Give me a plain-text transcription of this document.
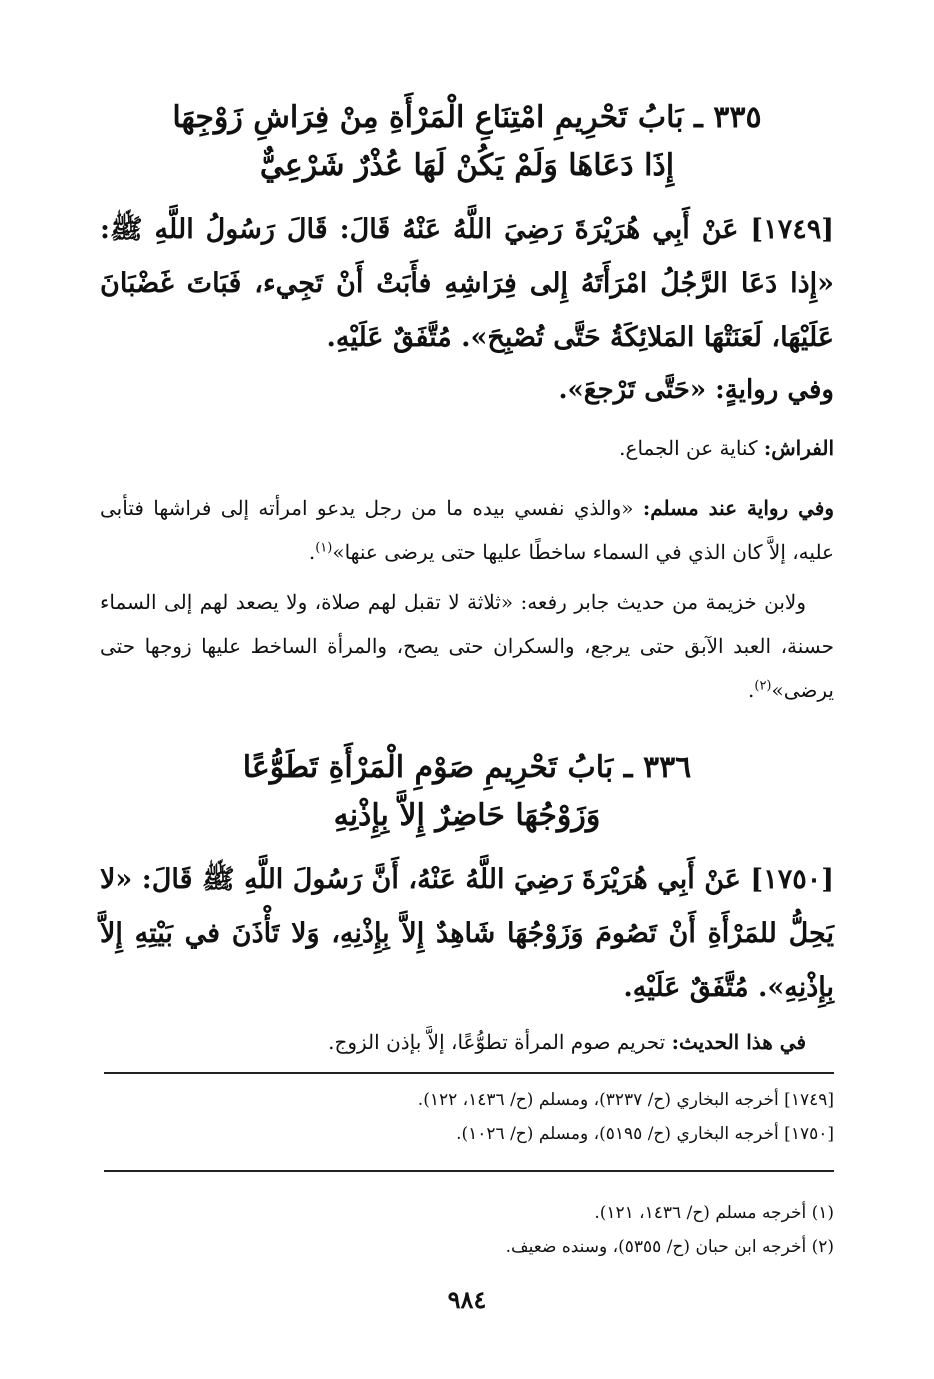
٣٣٥ ـ بَابُ تَحْرِيمِ امْتِنَاعِ الْمَرْأَةِ مِنْ فِرَاشِ زَوْجِهَا
إِذَا دَعَاهَا وَلَمْ يَكُنْ لَهَا عُذْرٌ شَرْعِيٌّ
[١٧٤٩] عَنْ أَبِي هُرَيْرَةَ رَضِيَ اللَّهُ عَنْهُ قَالَ: قَالَ رَسُولُ اللَّهِ ﷺ: «إِذا دَعَا الرَّجُلُ امْرَأَتَهُ إِلى فِرَاشِهِ فأَبَتْ أَنْ تَجِيء، فَبَاتَ غَضْبَانَ عَلَيْهَا، لَعَنَتْهَا المَلائِكَةُ حَتَّى تُصْبِحَ». مُتَّفَقٌ عَلَيْهِ.
وفي روايةٍ: «حَتَّى تَرْجعَ».
الفراش: كناية عن الجماع.
وفي رواية عند مسلم: «والذي نفسي بيده ما من رجل يدعو امرأته إلى فراشها فتأبى عليه، إلاَّ كان الذي في السماء ساخطًا عليها حتى يرضى عنها»$^{(١)}$.
ولابن خزيمة من حديث جابر رفعه: «ثلاثة لا تقبل لهم صلاة، ولا يصعد لهم إلى السماء حسنة، العبد الآبق حتى يرجع، والسكران حتى يصح، والمرأة الساخط عليها زوجها حتى يرضى»$^{(٢)}$.
٣٣٦ ـ بَابُ تَحْرِيمِ صَوْمِ الْمَرْأَةِ تَطَوُّعًا
وَزَوْجُهَا حَاضِرٌ إِلاَّ بِإِذْنِهِ
[١٧٥٠] عَنْ أَبِي هُرَيْرَةَ رَضِيَ اللَّهُ عَنْهُ، أَنَّ رَسُولَ اللَّهِ ﷺ قَالَ: «لا يَحِلُّ للمَرْأَةِ أَنْ تَصُومَ وَزَوْجُهَا شَاهِدٌ إِلاَّ بِإِذْنِهِ، وَلا تَأْذَنَ في بَيْتِهِ إِلاَّ بِإِذْنِهِ». مُتَّفَقٌ عَلَيْهِ.
في هذا الحديث: تحريم صوم المرأة تطوُّعًا، إلاَّ بإذن الزوج.
[١٧٤٩] أخرجه البخاري (ح/ ٣٢٣٧)، ومسلم (ح/ ١٤٣٦، ١٢٢).
[١٧٥٠] أخرجه البخاري (ح/ ٥١٩٥)، ومسلم (ح/ ١٠٢٦).
(١) أخرجه مسلم (ح/ ١٤٣٦، ١٢١).
(٢) أخرجه ابن حبان (ح/ ٥٣٥٥)، وسنده ضعيف.
٩٨٤
